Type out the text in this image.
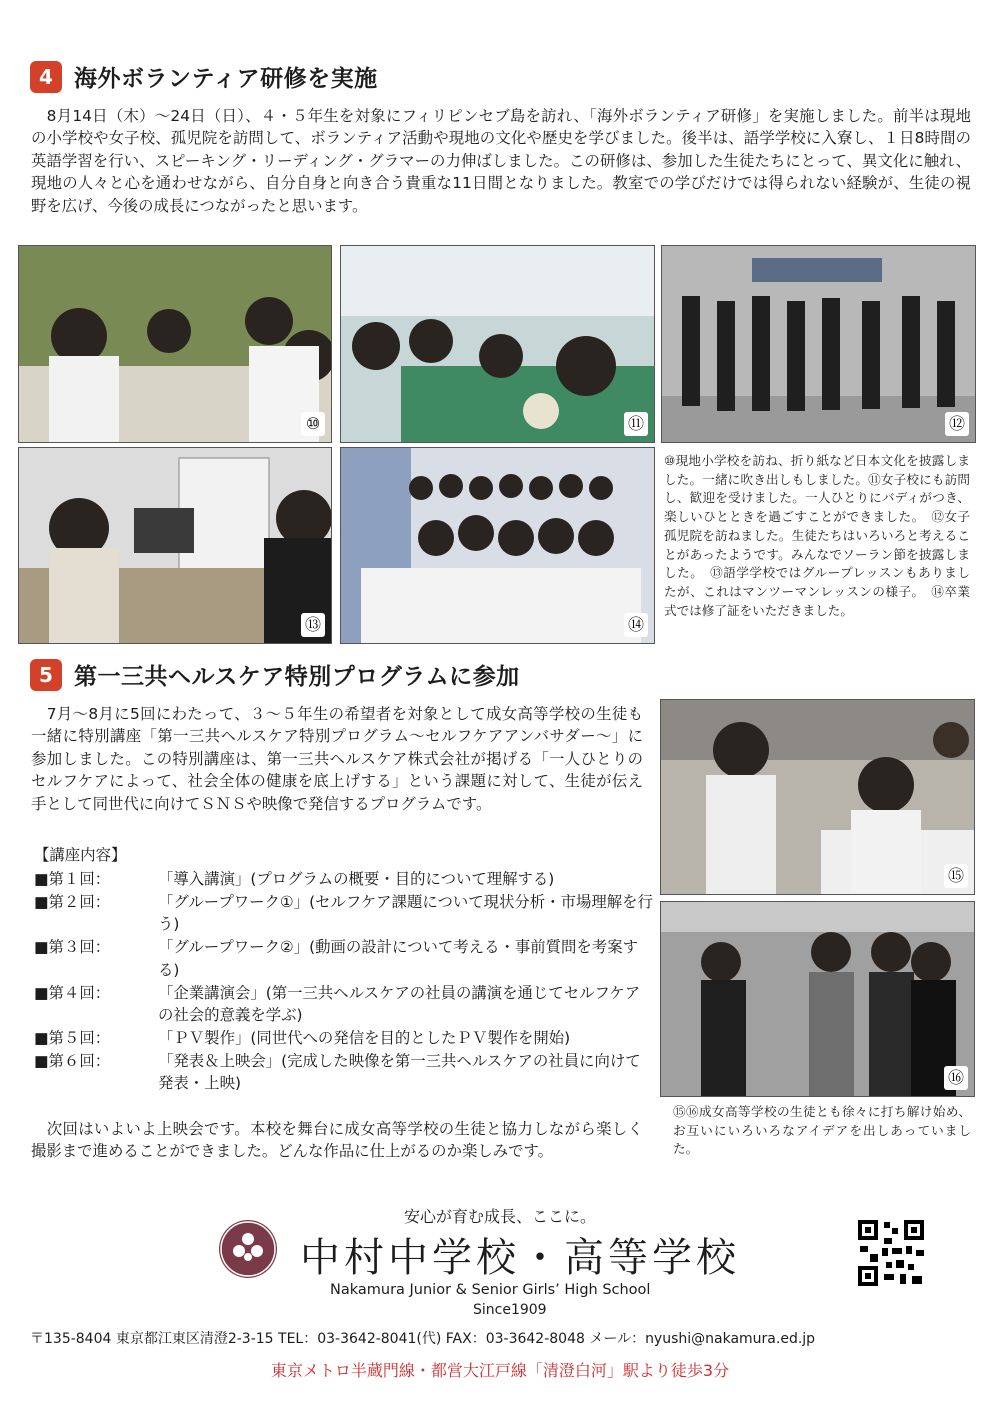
4 海外ボランティア研修を実施
　8月14日（木）～24日（日）、４・５年生を対象にフィリピンセブ島を訪れ、「海外ボランティア研修」を実施しました。前半は現地の小学校や女子校、孤児院を訪問して、ボランティア活動や現地の文化や歴史を学びました。後半は、語学学校に入寮し、１日8時間の英語学習を行い、スピーキング・リーディング・グラマーの力伸ばしました。この研修は、参加した生徒たちにとって、異文化に触れ、現地の人々と心を通わせながら、自分自身と向き合う貴重な11日間となりました。教室での学びだけでは得られない経験が、生徒の視野を広げ、今後の成長につながったと思います。
⑩	⑪	⑫
⑬	⑭
⑩現地小学校を訪ね、折り紙など日本文化を披露しました。一緒に吹き出しもしました。⑪女子校にも訪問し、歓迎を受けました。一人ひとりにバディがつき、楽しいひとときを過ごすことができました。　⑫女子孤児院を訪ねました。生徒たちはいろいろと考えることがあったようです。みんなでソーラン節を披露しました。　⑬語学学校ではグループレッスンもありましたが、これはマンツーマンレッスンの様子。　⑭卒業式では修了証をいただきました。
5 第一三共ヘルスケア特別プログラムに参加
　7月～8月に5回にわたって、３～５年生の希望者を対象として成女高等学校の生徒も一緒に特別講座「第一三共ヘルスケア特別プログラム～セルフケアアンバサダー～」に参加しました。この特別講座は、第一三共ヘルスケア株式会社が掲げる「一人ひとりのセルフケアによって、社会全体の健康を底上げする」という課題に対して、生徒が伝え手として同世代に向けてＳＮＳや映像で発信するプログラムです。
【講座内容】
■第１回：	「導入講演」(プログラムの概要・目的について理解する)
■第２回：	「グループワーク①」(セルフケア課題について現状分析・市場理解を行う)
■第３回：	「グループワーク②」(動画の設計について考える・事前質問を考案する)
■第４回：	「企業講演会」(第一三共ヘルスケアの社員の講演を通じてセルフケアの社会的意義を学ぶ)
■第５回：	「ＰＶ製作」(同世代への発信を目的としたＰＶ製作を開始)
■第６回：	「発表＆上映会」(完成した映像を第一三共ヘルスケアの社員に向けて発表・上映)
　次回はいよいよ上映会です。本校を舞台に成女高等学校の生徒と協力しながら楽しく撮影まで進めることができました。どんな作品に仕上がるのか楽しみです。
⑮
⑯
⑮⑯成女高等学校の生徒とも徐々に打ち解け始め、お互いにいろいろなアイデアを出しあっていました。
安心が育む成長、ここに。
中村中学校・高等学校
Nakamura Junior & Senior Girls’ High School
Since1909
〒135-8404 東京都江東区清澄2-3-15 TEL：03-3642-8041(代) FAX：03-3642-8048 メール：nyushi@nakamura.ed.jp
東京メトロ半蔵門線・都営大江戸線「清澄白河」駅より徒歩3分
